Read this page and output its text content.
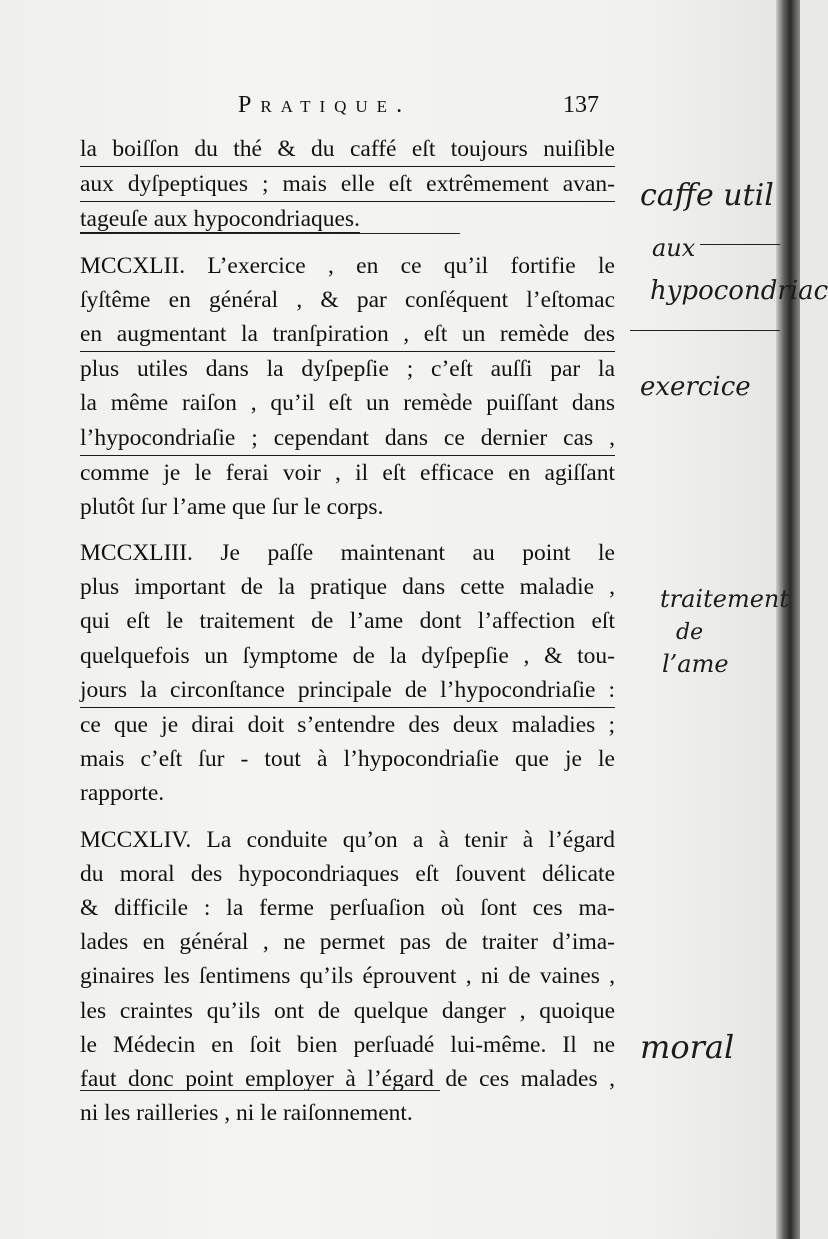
Pratique.	137
la boiſſon du thé & du caffé eſt toujours nuiſible
aux dyſpeptiques ; mais elle eſt extrêmement avan-
tageuſe aux hypocondriaques.
MCCXLII. L’exercice , en ce qu’il fortifie le
ſyſtême en général , & par conſéquent l’eſtomac
en augmentant la tranſpiration , eſt un remède des
plus utiles dans la dyſpepſie ; c’eſt auſſi par la
la même raiſon , qu’il eſt un remède puiſſant dans
l’hypocondriaſie ; cependant dans ce dernier cas ,
comme je le ferai voir , il eſt efficace en agiſſant
plutôt ſur l’ame que ſur le corps.
MCCXLIII. Je paſſe maintenant au point le
plus important de la pratique dans cette maladie ,
qui eſt le traitement de l’ame dont l’affection eſt
quelquefois un ſymptome de la dyſpepſie , & tou-
jours la circonſtance principale de l’hypocondriaſie :
ce que je dirai doit s’entendre des deux maladies ;
mais c’eſt ſur - tout à l’hypocondriaſie que je le
rapporte.
MCCXLIV. La conduite qu’on a à tenir à l’égard
du moral des hypocondriaques eſt ſouvent délicate
& difficile : la ferme perſuaſion où ſont ces ma-
lades en général , ne permet pas de traiter d’ima-
ginaires les ſentimens qu’ils éprouvent , ni de vaines ,
les craintes qu’ils ont de quelque danger , quoique
le Médecin en ſoit bien perſuadé lui-même. Il ne
faut donc point employer à l’égard de ces malades ,
ni les railleries , ni le raiſonnement.
caffe util
aux
hypocondriac
exercice
traitement
de
l’ame
moral
